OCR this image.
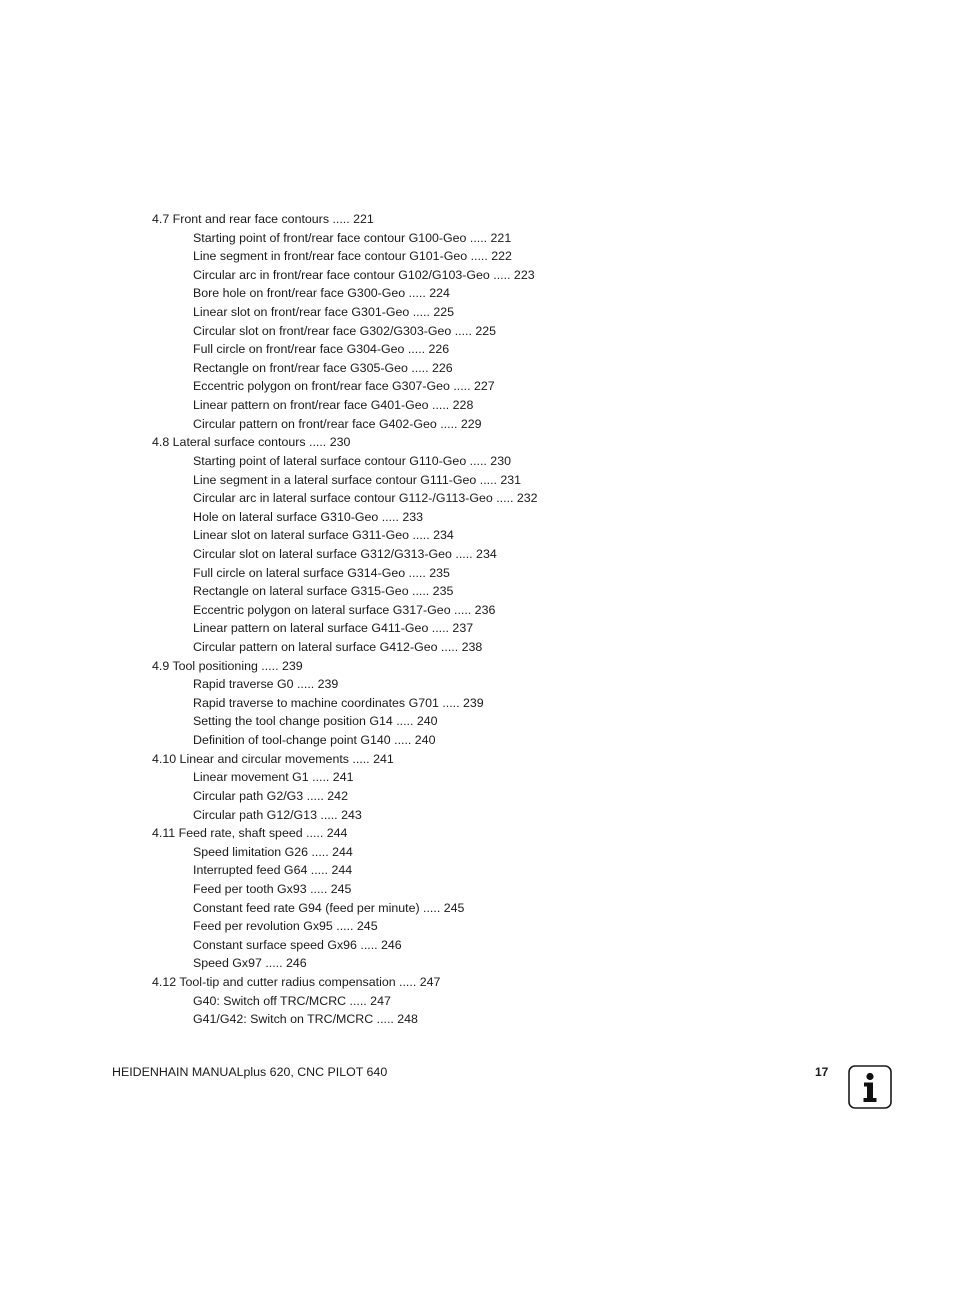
4.7 Front and rear face contours ..... 221
Starting point of front/rear face contour G100-Geo ..... 221
Line segment in front/rear face contour G101-Geo ..... 222
Circular arc in front/rear face contour G102/G103-Geo ..... 223
Bore hole on front/rear face G300-Geo ..... 224
Linear slot on front/rear face G301-Geo ..... 225
Circular slot on front/rear face G302/G303-Geo ..... 225
Full circle on front/rear face G304-Geo ..... 226
Rectangle on front/rear face G305-Geo ..... 226
Eccentric polygon on front/rear face G307-Geo ..... 227
Linear pattern on front/rear face G401-Geo ..... 228
Circular pattern on front/rear face G402-Geo ..... 229
4.8 Lateral surface contours ..... 230
Starting point of lateral surface contour G110-Geo ..... 230
Line segment in a lateral surface contour G111-Geo ..... 231
Circular arc in lateral surface contour G112-/G113-Geo ..... 232
Hole on lateral surface G310-Geo ..... 233
Linear slot on lateral surface G311-Geo ..... 234
Circular slot on lateral surface G312/G313-Geo ..... 234
Full circle on lateral surface G314-Geo ..... 235
Rectangle on lateral surface G315-Geo ..... 235
Eccentric polygon on lateral surface G317-Geo ..... 236
Linear pattern on lateral surface G411-Geo ..... 237
Circular pattern on lateral surface G412-Geo ..... 238
4.9 Tool positioning ..... 239
Rapid traverse G0 ..... 239
Rapid traverse to machine coordinates G701 ..... 239
Setting the tool change position G14 ..... 240
Definition of tool-change point G140 ..... 240
4.10 Linear and circular movements ..... 241
Linear movement G1 ..... 241
Circular path G2/G3 ..... 242
Circular path G12/G13 ..... 243
4.11 Feed rate, shaft speed ..... 244
Speed limitation G26 ..... 244
Interrupted feed G64 ..... 244
Feed per tooth Gx93 ..... 245
Constant feed rate G94 (feed per minute) ..... 245
Feed per revolution Gx95 ..... 245
Constant surface speed Gx96 ..... 246
Speed Gx97 ..... 246
4.12 Tool-tip and cutter radius compensation ..... 247
G40: Switch off TRC/MCRC ..... 247
G41/G42: Switch on TRC/MCRC ..... 248
HEIDENHAIN MANUALplus 620, CNC PILOT 640	17
